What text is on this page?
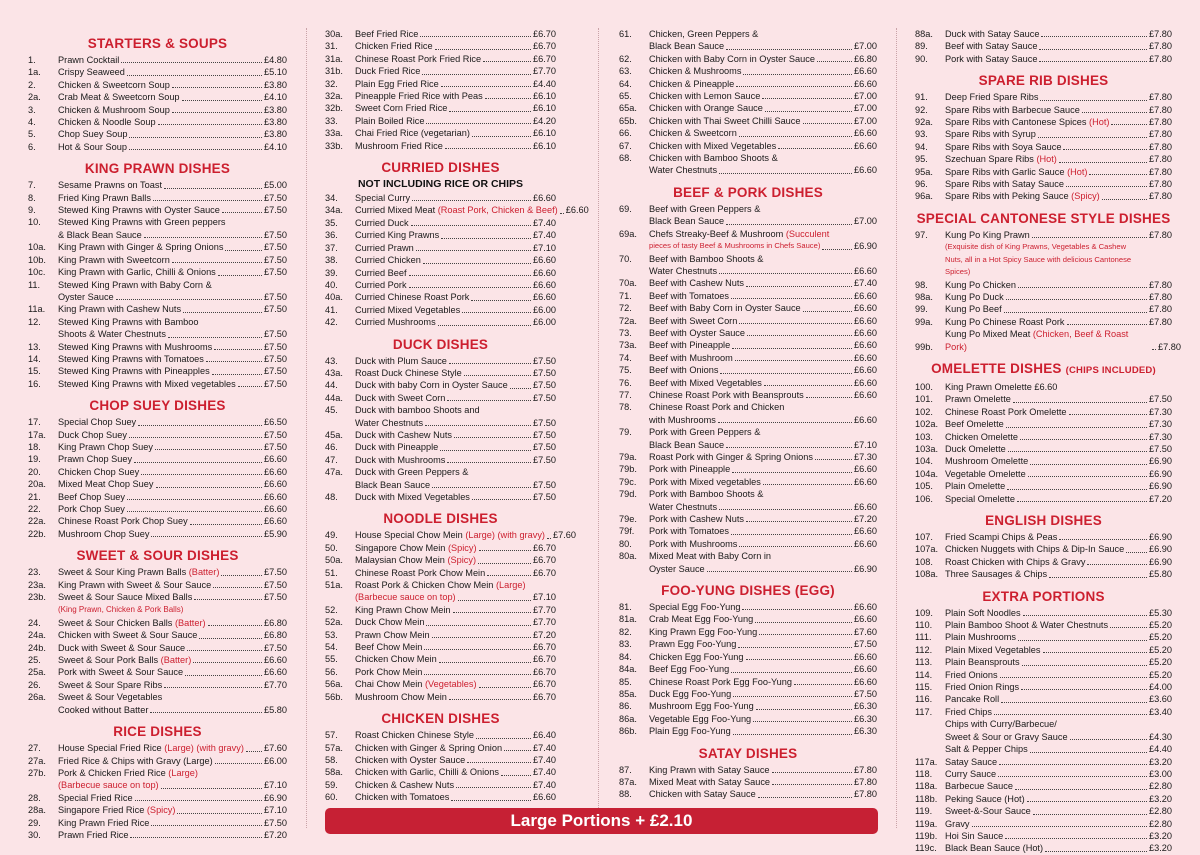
STARTERS & SOUPS
1.	Prawn Cocktail	£4.80
1a.	Crispy Seaweed	£5.10
2.	Chicken & Sweetcorn Soup	£3.80
2a.	Crab Meat & Sweetcorn Soup	£4.10
3.	Chicken & Mushroom Soup	£3.80
4.	Chicken & Noodle Soup	£3.80
5.	Chop Suey Soup	£3.80
6.	Hot & Sour Soup	£4.10
KING PRAWN DISHES
7.	Sesame Prawns on Toast	£5.00
8.	Fried King Prawn Balls	£7.50
9.	Stewed King Prawns with Oyster Sauce	£7.50
10.	Stewed King Prawns with Green peppers
& Black Bean Sauce	£7.50
10a.	King Prawn with Ginger & Spring Onions	£7.50
10b.	King Prawn with Sweetcorn	£7.50
10c.	King Prawn with Garlic, Chilli & Onions	£7.50
11.	Stewed King Prawn with Baby Corn &
Oyster Sauce	£7.50
11a.	King Prawn with Cashew Nuts	£7.50
12.	Stewed King Prawns with Bamboo
Shoots & Water Chestnuts	£7.50
13.	Stewed King Prawns with Mushrooms	£7.50
14.	Stewed King Prawns with Tomatoes	£7.50
15.	Stewed King Prawns with Pineapples	£7.50
16.	Stewed King Prawns with Mixed vegetables	£7.50
CHOP SUEY DISHES
17.	Special Chop Suey	£6.50
17a.	Duck Chop Suey	£7.50
18.	King Prawn Chop Suey	£7.50
19.	Prawn Chop Suey	£6.60
20.	Chicken Chop Suey	£6.60
20a.	Mixed Meat Chop Suey	£6.60
21.	Beef Chop Suey	£6.60
22.	Pork Chop Suey	£6.60
22a.	Chinese Roast Pork Chop Suey	£6.60
22b.	Mushroom Chop Suey	£5.90
SWEET & SOUR DISHES
23.	Sweet & Sour King Prawn Balls (Batter)	£7.50
23a.	King Prawn with Sweet & Sour Sauce	£7.50
23b.	Sweet & Sour Sauce Mixed Balls	£7.50
(King Prawn, Chicken & Pork Balls)
24.	Sweet & Sour Chicken Balls (Batter)	£6.80
24a.	Chicken with Sweet & Sour Sauce	£6.80
24b.	Duck with Sweet & Sour Sauce	£7.50
25.	Sweet & Sour Pork Balls (Batter)	£6.60
25a.	Pork with Sweet & Sour Sauce	£6.60
26.	Sweet & Sour Spare Ribs	£7.70
26a.	Sweet & Sour Vegetables
Cooked without Batter	£5.80
RICE DISHES
27.	House Special Fried Rice (Large) (with gravy) £7.60
27a.	Fried Rice & Chips with Gravy (Large)	£6.00
27b.	Pork & Chicken Fried Rice (Large)
(Barbecue sauce on top)	£7.10
28.	Special Fried Rice	£6.90
28a.	Singapore Fried Rice (Spicy)	£7.10
29.	King Prawn Fried Rice	£7.50
30.	Prawn Fried Rice	£7.20
30a.	Beef Fried Rice	£6.70
31.	Chicken Fried Rice	£6.70
31a.	Chinese Roast Pork Fried Rice	£6.70
31b.	Duck Fried Rice	£7.70
32.	Plain Egg Fried Rice	£4.40
32a.	Pineapple Fried Rice with Peas	£6.10
32b.	Sweet Corn Fried Rice	£6.10
33.	Plain Boiled Rice	£4.20
33a.	Chai Fried Rice (vegetarian)	£6.10
33b.	Mushroom Fried Rice	£6.10
CURRIED DISHES
NOT INCLUDING RICE OR CHIPS
34.	Special Curry	£6.60
34a.	Curried Mixed Meat (Roast Pork, Chicken & Beef) £6.60
35.	Curried Duck	£7.40
36.	Curried King Prawns	£7.40
37.	Curried Prawn	£7.10
38.	Curried Chicken	£6.60
39.	Curried Beef	£6.60
40.	Curried Pork	£6.60
40a.	Curried Chinese Roast Pork	£6.60
41.	Curried Mixed Vegetables	£6.00
42.	Curried Mushrooms	£6.00
DUCK DISHES
43.	Duck with Plum Sauce	£7.50
43a.	Roast Duck Chinese Style	£7.50
44.	Duck with baby Corn in Oyster Sauce	£7.50
44a.	Duck with Sweet Corn	£7.50
45.	Duck with bamboo Shoots and
Water Chestnuts	£7.50
45a.	Duck with Cashew Nuts	£7.50
46.	Duck with Pineapple	£7.50
47.	Duck with Mushrooms	£7.50
47a.	Duck with Green Peppers &
Black Bean Sauce	£7.50
48.	Duck with Mixed Vegetables	£7.50
NOODLE DISHES
49.	House Special Chow Mein (Large) (with gravy) £7.60
50.	Singapore Chow Mein (Spicy)	£6.70
50a.	Malaysian Chow Mein (Spicy)	£6.70
51.	Chinese Roast Pork Chow Mein	£6.70
51a.	Roast Pork & Chicken Chow Mein (Large)
(Barbecue sauce on top)	£7.10
52.	King Prawn Chow Mein	£7.70
52a.	Duck Chow Mein	£7.70
53.	Prawn Chow Mein	£7.20
54.	Beef Chow Mein	£6.70
55.	Chicken Chow Mein	£6.70
56.	Pork Chow Mein	£6.70
56a.	Chai Chow Mein (Vegetables)	£6.70
56b.	Mushroom Chow Mein	£6.70
CHICKEN DISHES
57.	Roast Chicken Chinese Style	£6.40
57a.	Chicken with Ginger & Spring Onion	£7.40
58.	Chicken with Oyster Sauce	£7.40
58a.	Chicken with Garlic, Chilli & Onions	£7.40
59.	Chicken & Cashew Nuts	£7.40
60.	Chicken with Tomatoes	£6.60
61.	Chicken, Green Peppers &
Black Bean Sauce	£7.00
62.	Chicken with Baby Corn in Oyster Sauce	£6.80
63.	Chicken & Mushrooms	£6.60
64.	Chicken & Pineapple	£6.60
65.	Chicken with Lemon Sauce	£7.00
65a.	Chicken with Orange Sauce	£7.00
65b.	Chicken with Thai Sweet Chilli Sauce	£7.00
66.	Chicken & Sweetcorn	£6.60
67.	Chicken with Mixed Vegetables	£6.60
68.	Chicken with Bamboo Shoots &
Water Chestnuts	£6.60
BEEF & PORK DISHES
69.	Beef with Green Peppers &
Black Bean Sauce	£7.00
69a.	Chefs Streaky-Beef & Mushroom (Succulent
pieces of tasty Beef & Mushrooms in Chefs Sauce)	£6.90
70.	Beef with Bamboo Shoots &
Water Chestnuts	£6.60
70a.	Beef with Cashew Nuts	£7.40
71.	Beef with Tomatoes	£6.60
72.	Beef with Baby Corn in Oyster Sauce	£6.60
72a.	Beef with Sweet Corn	£6.60
73.	Beef with Oyster Sauce	£6.60
73a.	Beef with Pineapple	£6.60
74.	Beef with Mushroom	£6.60
75.	Beef with Onions	£6.60
76.	Beef with Mixed Vegetables	£6.60
77.	Chinese Roast Pork with Beansprouts	£6.60
78.	Chinese Roast Pork and Chicken
with Mushrooms	£6.60
79.	Pork with Green Peppers &
Black Bean Sauce	£7.10
79a.	Roast Pork with Ginger & Spring Onions	£7.30
79b.	Pork with Pineapple	£6.60
79c.	Pork with Mixed vegetables	£6.60
79d.	Pork with Bamboo Shoots &
Water Chestnuts	£6.60
79e.	Pork with Cashew Nuts	£7.20
79f.	Pork with Tomatoes	£6.60
80.	Pork with Mushrooms	£6.60
80a.	Mixed Meat with Baby Corn in
Oyster Sauce	£6.90
FOO-YUNG DISHES (EGG)
81.	Special Egg Foo-Yung	£6.60
81a.	Crab Meat Egg Foo-Yung	£6.60
82.	King Prawn Egg Foo-Yung	£7.60
83.	Prawn Egg Foo-Yung	£7.50
84.	Chicken Egg Foo-Yung	£6.60
84a.	Beef Egg Foo-Yung	£6.60
85.	Chinese Roast Pork Egg Foo-Yung	£6.60
85a.	Duck Egg Foo-Yung	£7.50
86.	Mushroom Egg Foo-Yung	£6.30
86a.	Vegetable Egg Foo-Yung	£6.30
86b.	Plain Egg Foo-Yung	£6.30
SATAY DISHES
87.	King Prawn with Satay Sauce	£7.80
87a.	Mixed Meat with Satay Sauce	£7.80
88.	Chicken with Satay Sauce	£7.80
88a.	Duck with Satay Sauce	£7.80
89.	Beef with Satay Sauce	£7.80
90.	Pork with Satay Sauce	£7.80
SPARE RIB DISHES
91.	Deep Fried Spare Ribs	£7.80
92.	Spare Ribs with Barbecue Sauce	£7.80
92a.	Spare Ribs with Cantonese Spices (Hot)	£7.80
93.	Spare Ribs with Syrup	£7.80
94.	Spare Ribs with Soya Sauce	£7.80
95.	Szechuan Spare Ribs (Hot)	£7.80
95a.	Spare Ribs with Garlic Sauce (Hot)	£7.80
96.	Spare Ribs with Satay Sauce	£7.80
96a.	Spare Ribs with Peking Sauce (Spicy)	£7.80
SPECIAL CANTONESE STYLE DISHES
97.	Kung Po King Prawn	£7.80
(Exquisite dish of King Prawns, Vegetables & Cashew
Nuts, all in a Hot Spicy Sauce with delicious Cantonese Spices)
98.	Kung Po Chicken	£7.80
98a.	Kung Po Duck	£7.80
99.	Kung Po Beef	£7.80
99a.	Kung Po Chinese Roast Pork	£7.80
99b.
Kung Po Mixed Meat (Chicken, Beef & Roast Pork)	£7.80
OMELETTE DISHES (CHIPS INCLUDED)
100.	King Prawn Omelette £6.60
101.	Prawn Omelette	£7.50
102.	Chinese Roast Pork Omelette	£7.30
102a. Beef Omelette	£7.30
103.	Chicken Omelette	£7.30
103a. Duck Omelette	£7.50
104.	Mushroom Omelette	£6.90
104a. Vegetable Omelette	£6.90
105.	Plain Omelette	£6.90
106.	Special Omelette	£7.20
ENGLISH DISHES
107.	Fried Scampi Chips & Peas	£6.90
107a. Chicken Nuggets with Chips & Dip-In Sauce	£6.90
108.	Roast Chicken with Chips & Gravy	£6.90
108a. Three Sausages & Chips	£5.80
EXTRA PORTIONS
109.	Plain Soft Noodles	£5.30
110.	Plain Bamboo Shoot & Water Chestnuts	£5.20
111.	Plain Mushrooms	£5.20
112.	Plain Mixed Vegetables	£5.20
113.	Plain Beansprouts	£5.20
114.	Fried Onions	£5.20
115.	Fried Onion Rings	£4.00
116.	Pancake Roll	£3.60
117.	Fried Chips	£3.40
Chips with Curry/Barbecue/
Sweet & Sour or Gravy Sauce	£4.30
Salt & Pepper Chips	£4.40
117a. Satay Sauce	£3.20
118.	Curry Sauce	£3.00
118a. Barbecue Sauce	£2.80
118b. Peking Sauce (Hot)	£3.20
119.	Sweet-&-Sour Sauce	£2.80
119a. Gravy	£2.80
119b. Hoi Sin Sauce	£3.20
119c. Black Bean Sauce (Hot)	£3.20
Large Portions + £2.10
